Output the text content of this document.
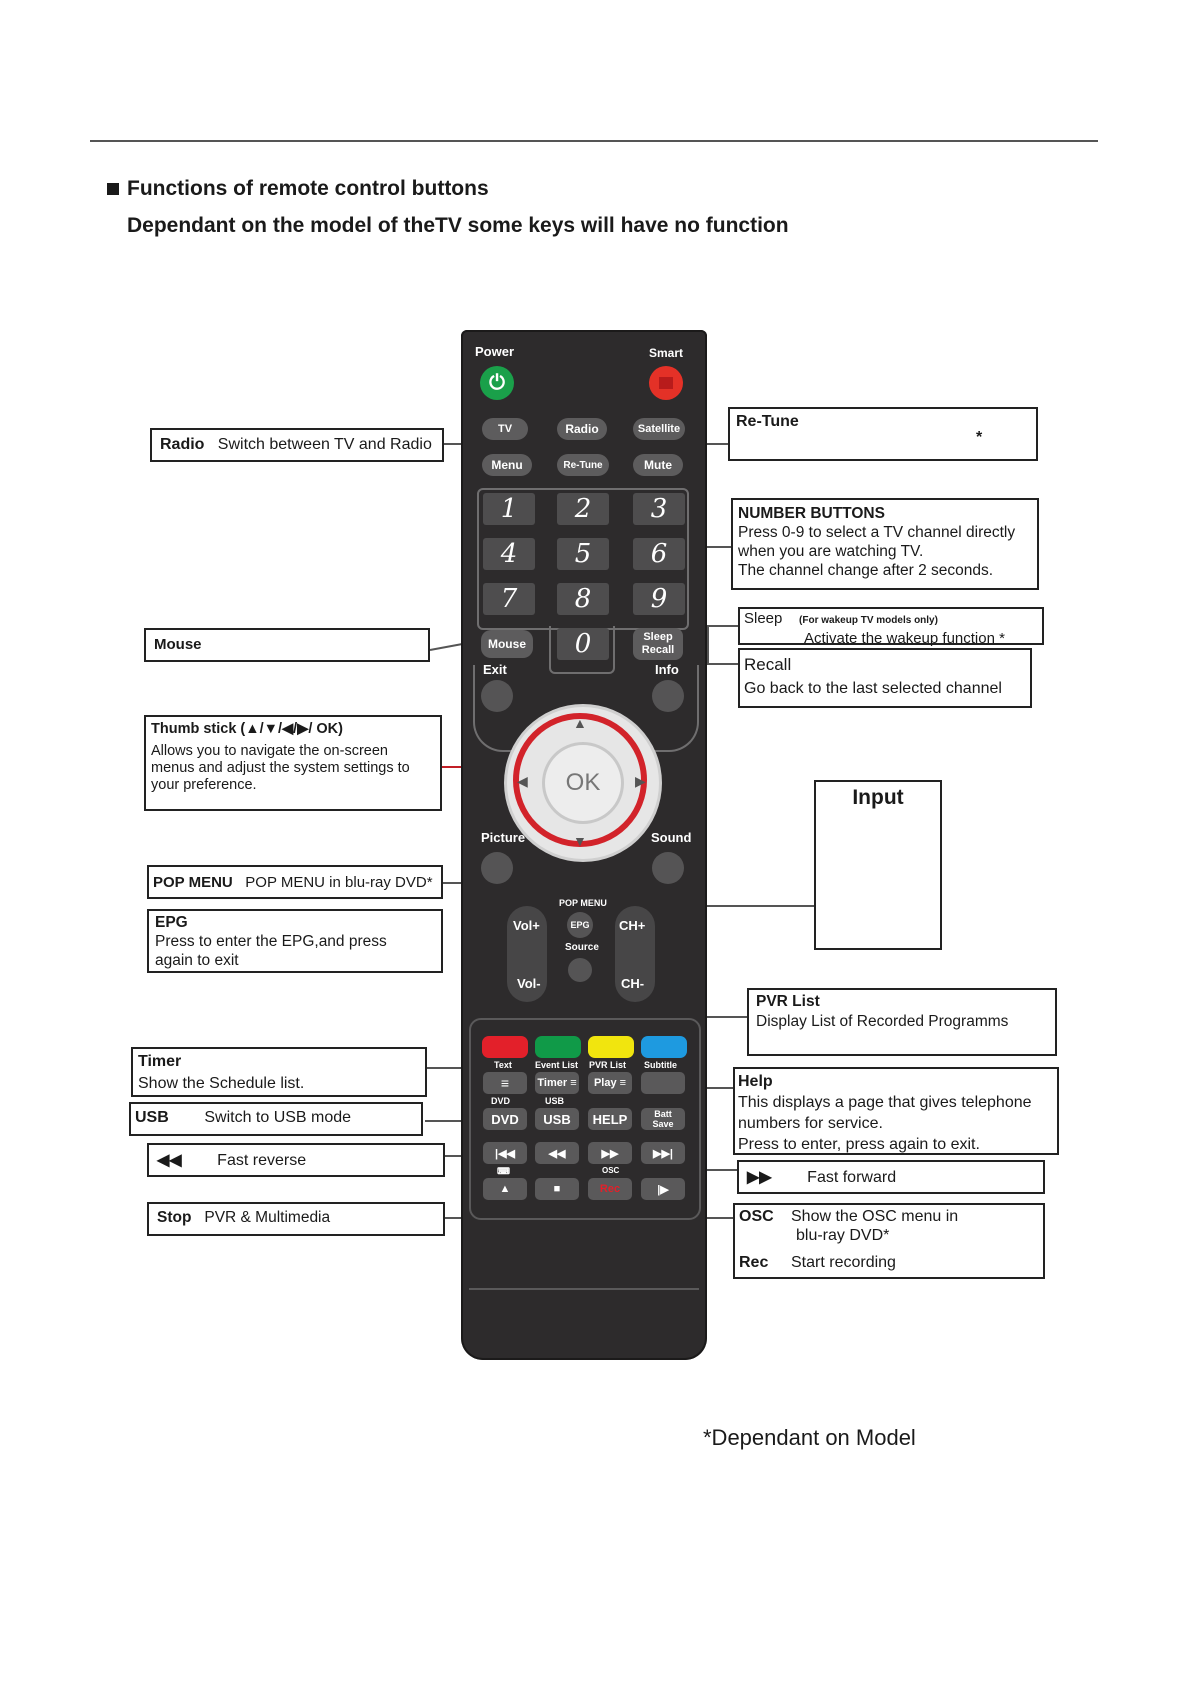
Functions of remote control buttons
Dependant on the model of theTV some keys will have no function
Power	Smart
⏻
TV	Radio	Satellite
Menu	Re-Tune	Mute
1	2	3
4	5	6
7	8	9
0
Mouse	Sleep
Recall
Exit	Info
▲
▼
◀	▶
OK
Picture	Sound
POP MENU
Vol+
Vol-
CH+
CH-
EPG
Source
Text	Event List PVR List Subtitle
≡	Timer
≡ Play
≡
DVD	USB
DVD	USB	HELP	Batt
Save
|◀◀	◀◀	▶▶	▶▶|
⌨	OSC
▲	■	Rec	|▶
Radio Switch between TV and Radio
Re-Tune
*
NUMBER BUTTONS
Press 0-9 to select a TV channel directly
when you are watching TV.
The channel change after 2 seconds.
Mouse
Sleep (For wakeup TV models only)
Activate the wakeup function *
Recall
Go back to the last selected channel
Thumb stick (▲/▼/◀/▶/ OK)
Allows you to navigate the on-screen
menus and adjust the system settings to
your preference.
Input
POP MENU POP MENU in blu-ray DVD*
EPG
Press to enter the EPG,and press
again to exit
PVR List
Display List of Recorded Programms
Timer
Show the Schedule list.	Help
This displays a page that gives telephone
numbers for service.
Press to enter, press again to exit.
USB Switch to USB mode
◀◀ Fast reverse
▶▶ Fast forward
Stop PVR & Multimedia	OSC Show the OSC menu in
blu-ray DVD*
Rec Start recording
*Dependant on Model
